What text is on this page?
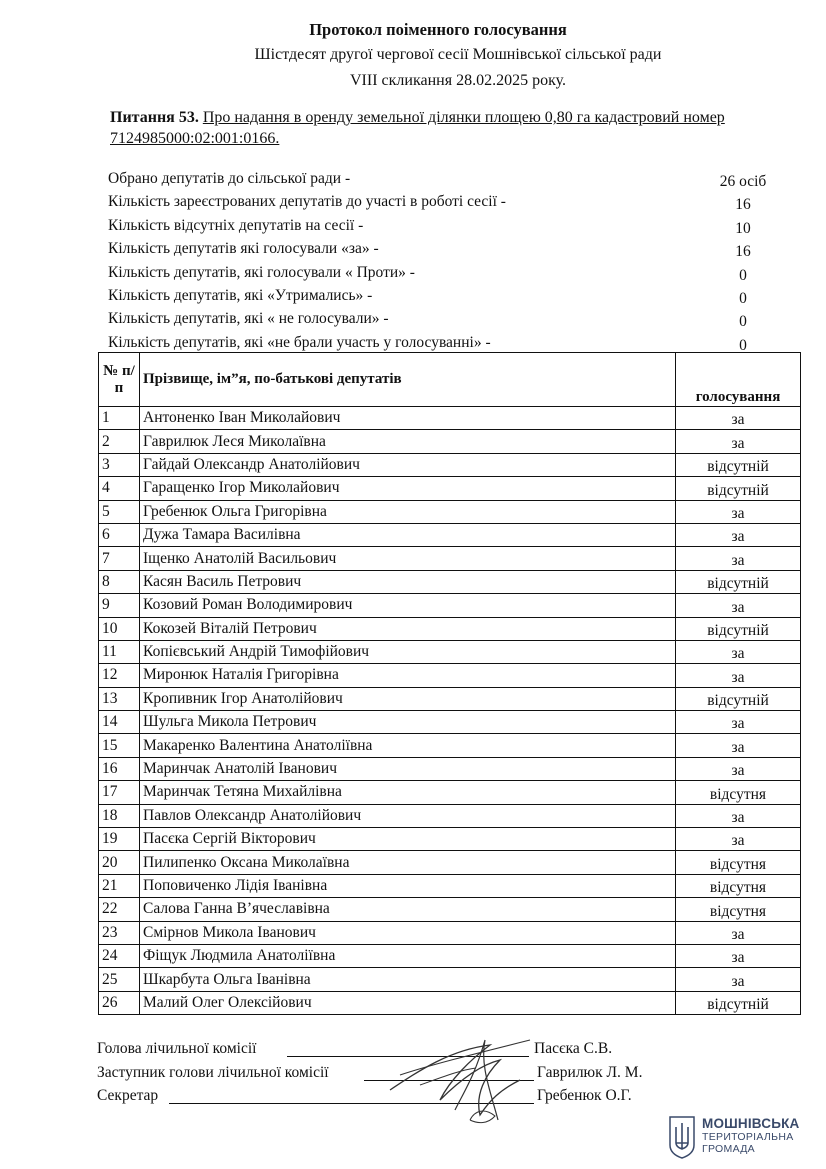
Протокол поіменного голосування
Шістдесят другої чергової сесії Мошнівської сільської ради
VIII скликання 28.02.2025 року.
Питання 53. Про надання в оренду земельної ділянки площею 0,80 га кадастровий номер 7124985000:02:001:0166.
Обрано депутатів до сільської ради -	26 осіб
Кількість зареєстрованих депутатів до участі в роботі сесії -	16
Кількість відсутніх депутатів на сесії -	10
Кількість депутатів які голосували «за» -	16
Кількість депутатів, які голосували « Проти» -	0
Кількість депутатів, які «Утримались» -	0
Кількість депутатів, які « не голосували» -	0
Кількість депутатів, які «не брали участь у голосуванні» -	0
№ п/п	Прізвище, ім”я, по-батькові депутатів	голосування
1	Антоненко Іван Миколайович	за
2	Гаврилюк Леся Миколаївна	за
3	Гайдай Олександр Анатолійович	відсутній
4	Гаращенко Ігор Миколайович	відсутній
5	Гребенюк Ольга Григорівна	за
6	Дужа Тамара Василівна	за
7	Іщенко Анатолій Васильович	за
8	Касян Василь Петрович	відсутній
9	Козовий Роман Володимирович	за
10	Кокозей Віталій Петрович	відсутній
11	Копієвський Андрій Тимофійович	за
12	Миронюк Наталія Григорівна	за
13	Кропивник Ігор Анатолійович	відсутній
14	Шульга Микола Петрович	за
15	Макаренко Валентина Анатоліївна	за
16	Маринчак Анатолій Іванович	за
17	Маринчак Тетяна Михайлівна	відсутня
18	Павлов Олександр Анатолійович	за
19	Пасєка Сергій Вікторович	за
20	Пилипенко Оксана Миколаївна	відсутня
21	Поповиченко Лідія Іванівна	відсутня
22	Салова Ганна В’ячеславівна	відсутня
23	Смірнов Микола Іванович	за
24	Фіщук Людмила Анатоліївна	за
25	Шкарбута Ольга Іванівна	за
26	Малий Олег Олексійович	відсутній
Голова лічильної комісії	Пасєка С.В.
Заступник голови лічильної комісії	Гаврилюк Л. М.
Секретар	Гребенюк О.Г.
МОШНІВСЬКА
ТЕРИТОРІАЛЬНА
ГРОМАДА
